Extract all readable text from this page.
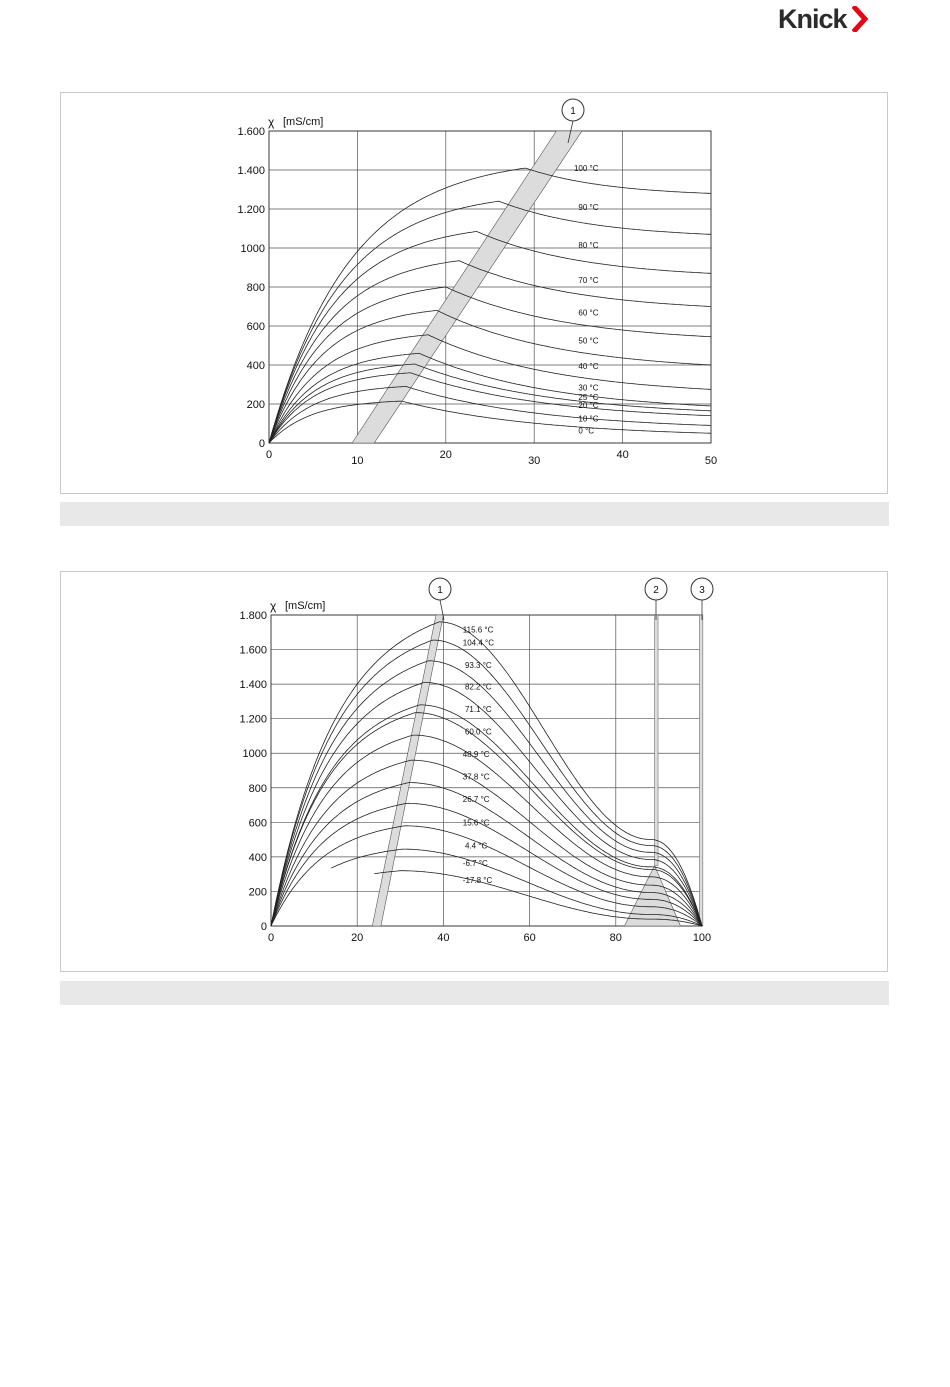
Knick
100 °C
90 °C
80 °C
70 °C
60 °C
50 °C
40 °C
30 °C
25 °C
20 °C
10 °C
0 °C
0
200
400
600
800
1000
1.200
1.400
1.600
0	10	20	30	40	50
χ [mS/cm]
1
115.6 °C
104.4 °C
93.3 °C
82.2 °C
71.1 °C
60.0 °C
48.9 °C
37.8 °C
26.7 °C
15.6 °C
4.4 °C
-6.7 °C
-17.8 °C
0
200
400
600
800
1000
1.200
1.400
1.600
1.800
0	20	40	60	80	100
χ [mS/cm]
1	2	3
